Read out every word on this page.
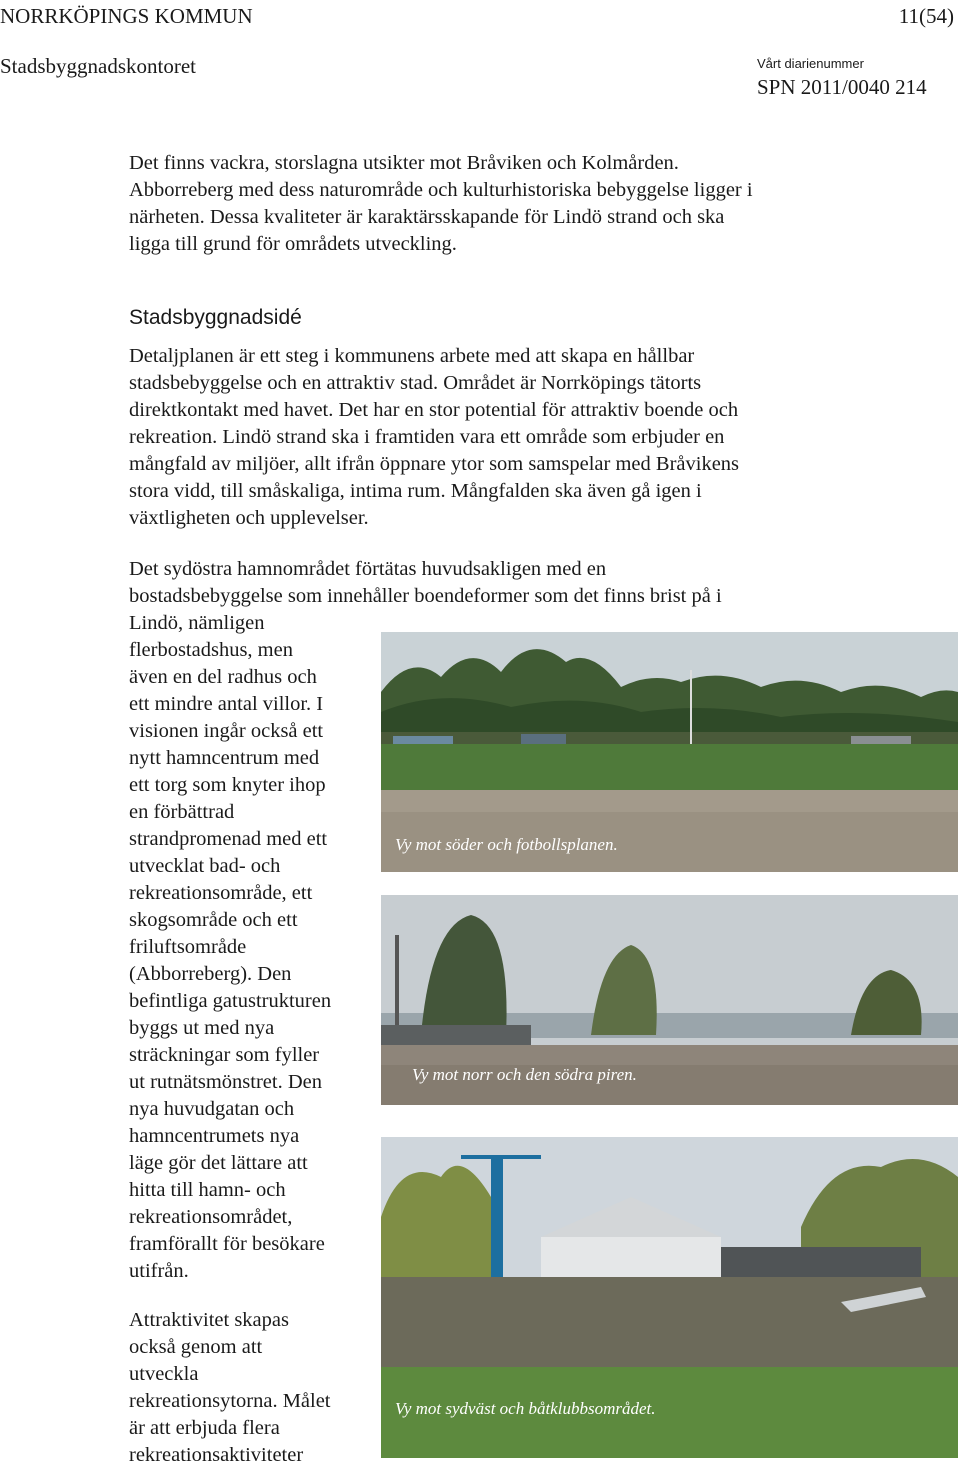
NORRKÖPINGS KOMMUN	11(54)
Stadsbyggnadskontoret	Vårt diarienummer
SPN 2011/0040 214
Det finns vackra, storslagna utsikter mot Bråviken och Kolmården.
Abborreberg med dess naturområde och kulturhistoriska bebyggelse ligger i
närheten. Dessa kvaliteter är karaktärsskapande för Lindö strand och ska
ligga till grund för områdets utveckling.
Stadsbyggnadsidé
Detaljplanen är ett steg i kommunens arbete med att skapa en hållbar
stadsbebyggelse och en attraktiv stad. Området är Norrköpings tätorts
direktkontakt med havet. Det har en stor potential för attraktiv boende och
rekreation. Lindö strand ska i framtiden vara ett område som erbjuder en
mångfald av miljöer, allt ifrån öppnare ytor som samspelar med Bråvikens
stora vidd, till småskaliga, intima rum. Mångfalden ska även gå igen i
växtligheten och upplevelser.
Det sydöstra hamnområdet förtätas huvudsakligen med en
bostadsbebyggelse som innehåller boendeformer som det finns brist på i
Lindö, nämligen
flerbostadshus, men
även en del radhus och
ett mindre antal villor. I
visionen ingår också ett
nytt hamncentrum med
ett torg som knyter ihop
en förbättrad
strandpromenad med ett
utvecklat bad- och
rekreationsområde, ett
skogsområde och ett
friluftsområde
(Abborreberg). Den
befintliga gatustrukturen
byggs ut med nya
sträckningar som fyller
ut rutnätsmönstret. Den
nya huvudgatan och
hamncentrumets nya
läge gör det lättare att
hitta till hamn- och
rekreationsområdet,
framförallt för besökare
utifrån.
Attraktivitet skapas
också genom att
utveckla
rekreationsytorna. Målet
är att erbjuda flera
rekreationsaktiviteter
Vy mot söder och fotbollsplanen.
Vy mot norr och den södra piren.
Vy mot sydväst och båtklubbsområdet.
